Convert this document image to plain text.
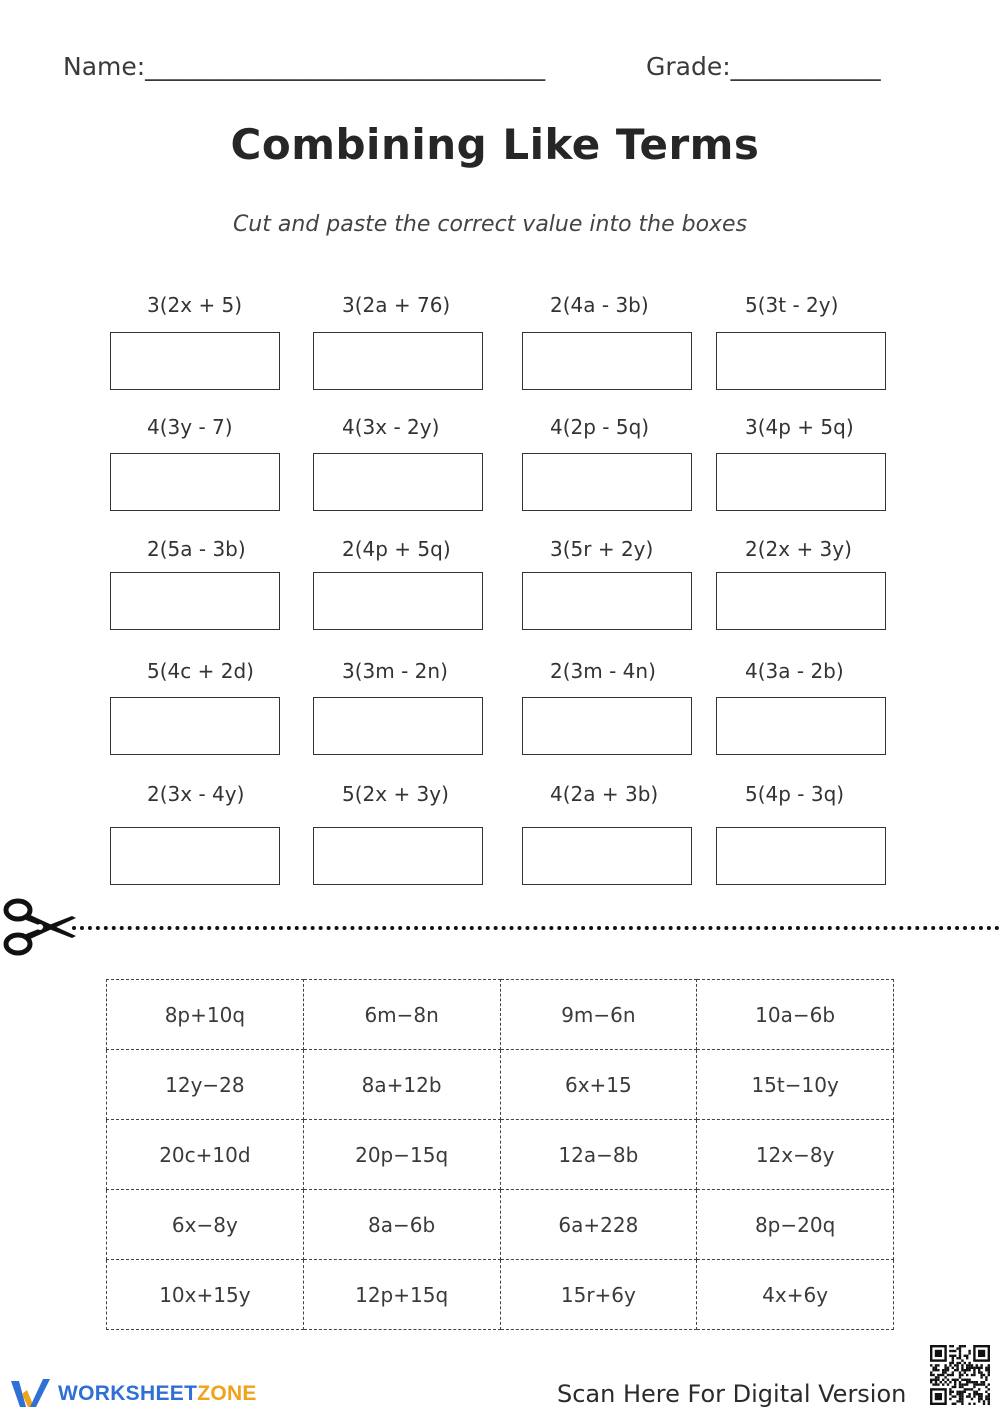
Name:________________________________	Grade:____________
Combining Like Terms
Cut and paste the correct value into the boxes
3(2x + 5)	3(2a + 76)	2(4a - 3b)	5(3t - 2y)
4(3y - 7)	4(3x - 2y)	4(2p - 5q)	3(4p + 5q)
2(5a - 3b)	2(4p + 5q)	3(5r + 2y)	2(2x + 3y)
5(4c + 2d)	3(3m - 2n)	2(3m - 4n)	4(3a - 2b)
2(3x - 4y)	5(2x + 3y)	4(2a + 3b)	5(4p - 3q)
8p+10q	6m−8n	9m−6n	10a−6b
12y−28	8a+12b	6x+15	15t−10y
20c+10d	20p−15q	12a−8b	12x−8y
6x−8y	8a−6b	6a+228	8p−20q
10x+15y	12p+15q	15r+6y	4x+6y
WORKSHEETZONE	Scan Here For Digital Version
